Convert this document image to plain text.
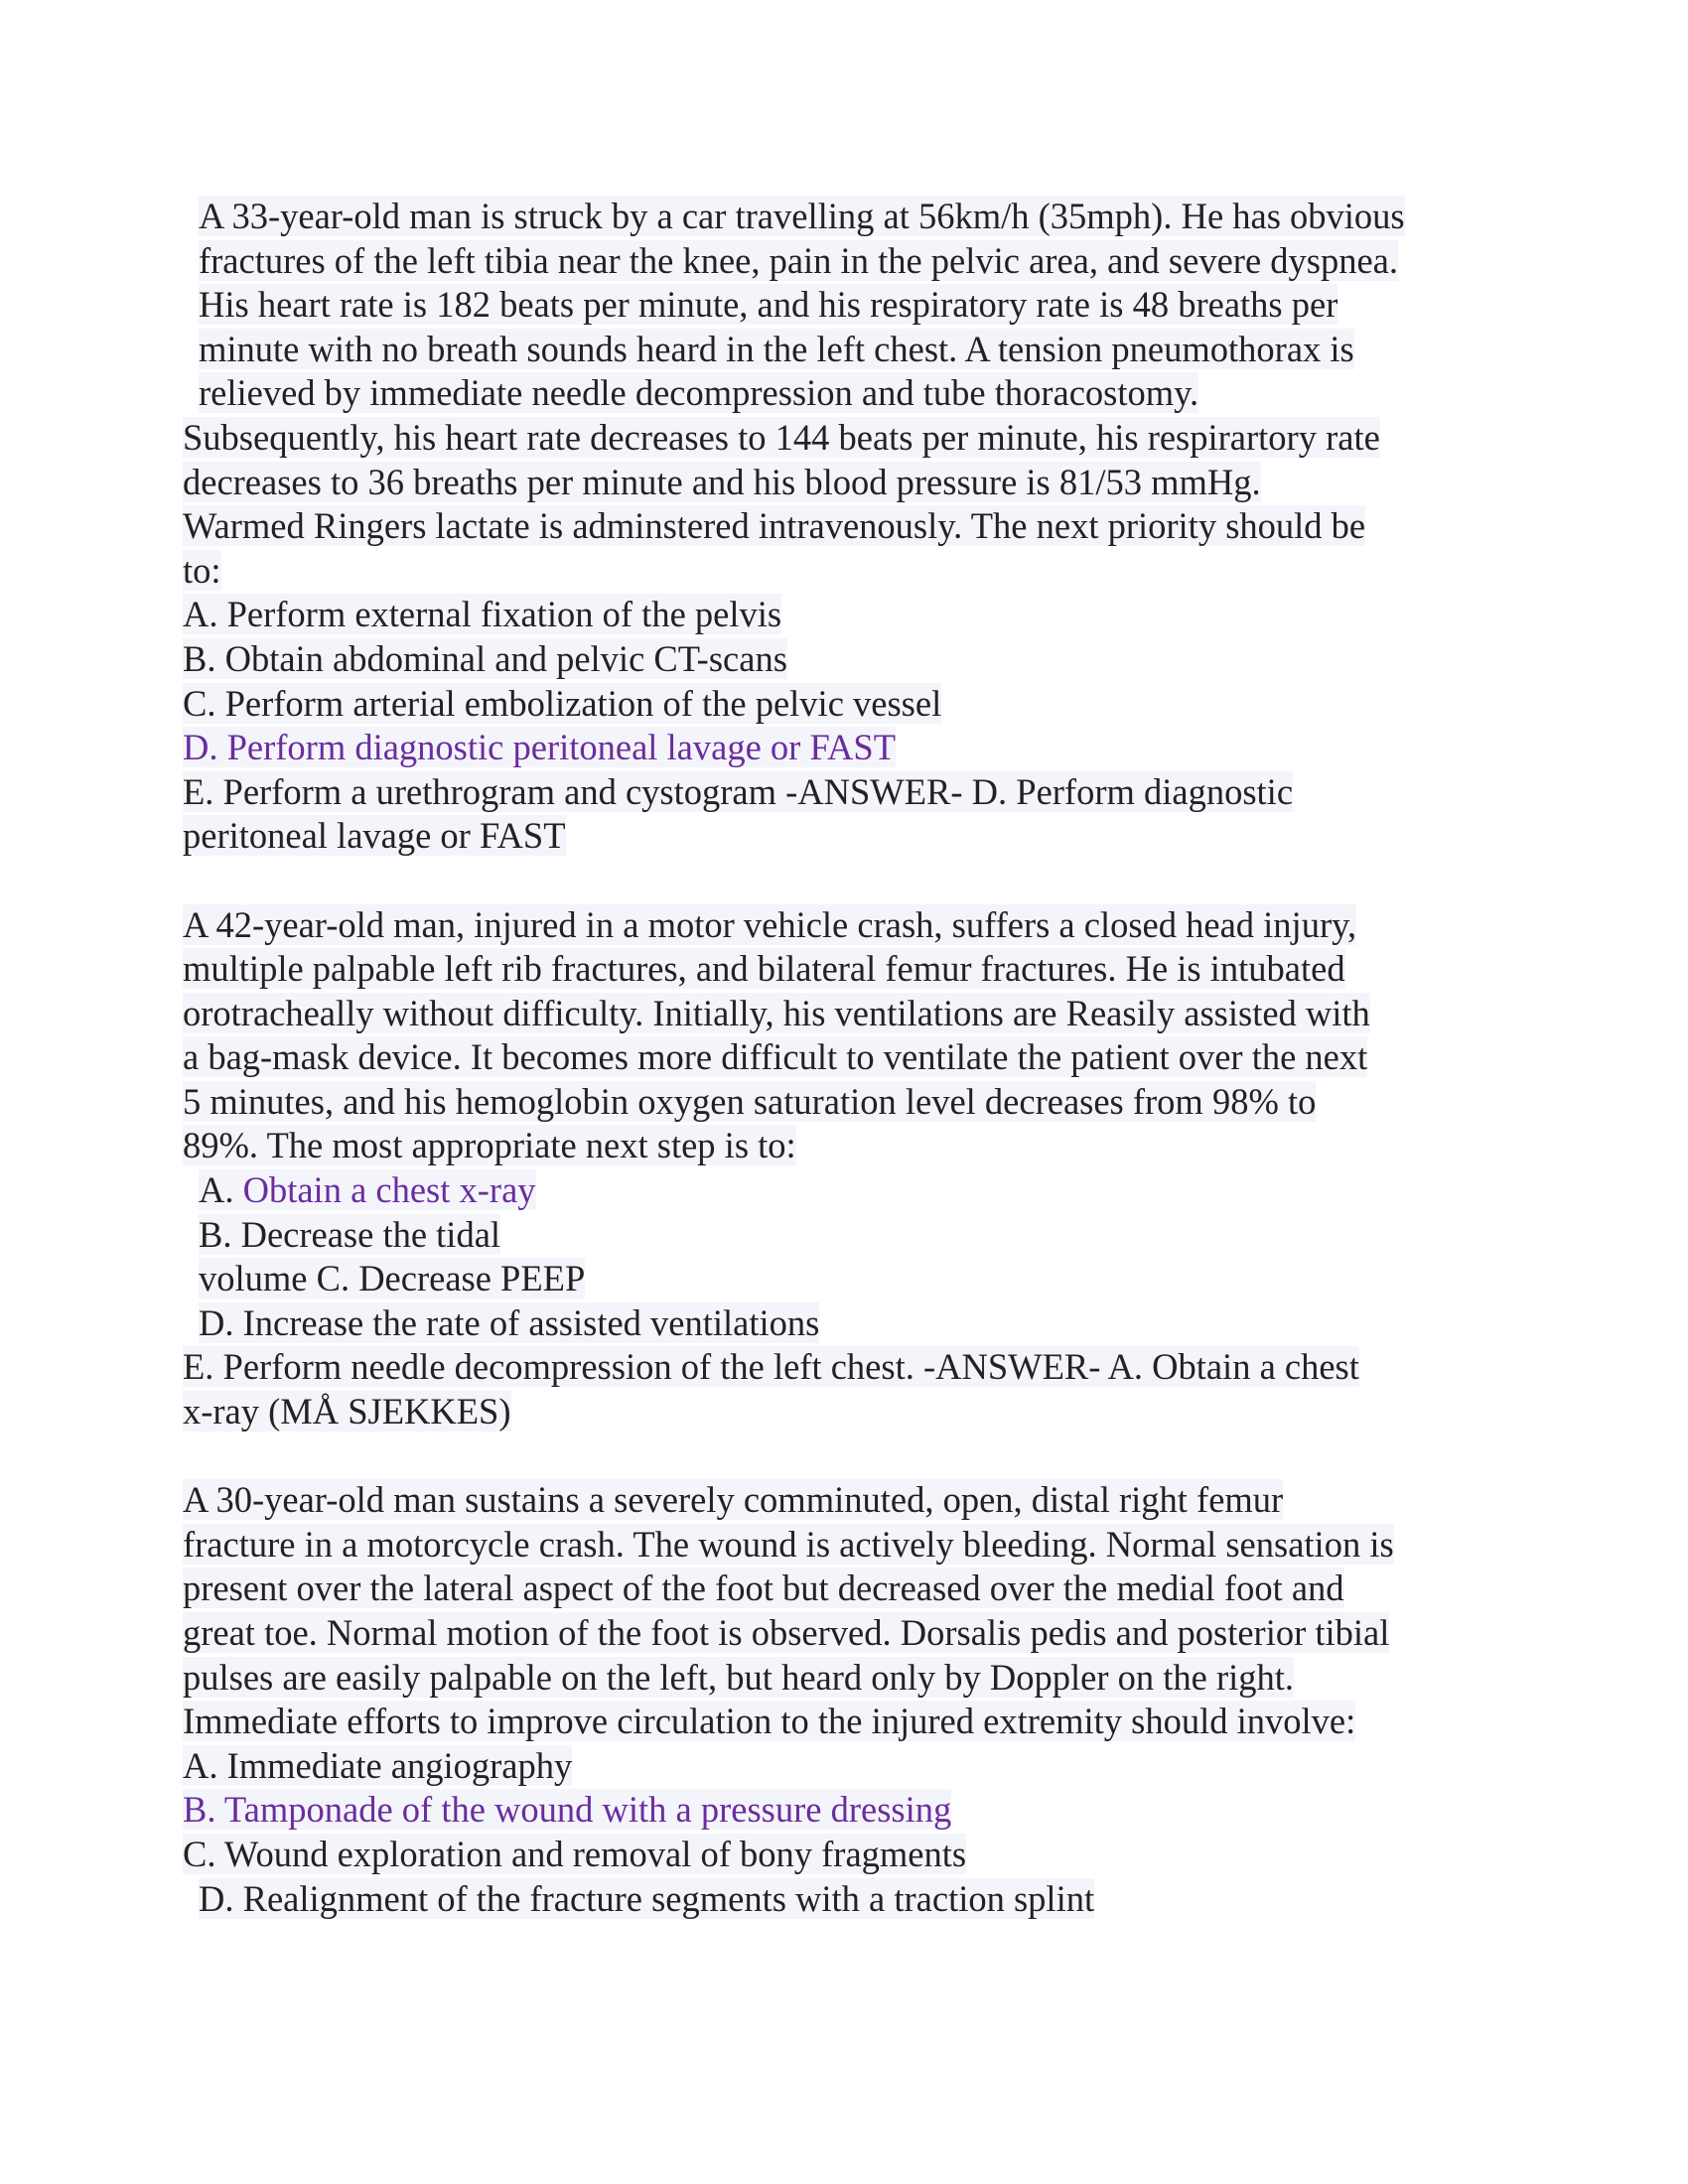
A 33-year-old man is struck by a car travelling at 56km/h (35mph). He has obvious
fractures of the left tibia near the knee, pain in the pelvic area, and severe dyspnea.
His heart rate is 182 beats per minute, and his respiratory rate is 48 breaths per
minute with no breath sounds heard in the left chest. A tension pneumothorax is
relieved by immediate needle decompression and tube thoracostomy.
Subsequently, his heart rate decreases to 144 beats per minute, his respirartory rate
decreases to 36 breaths per minute and his blood pressure is 81/53 mmHg.
Warmed Ringers lactate is adminstered intravenously. The next priority should be
to:
A. Perform external fixation of the pelvis
B. Obtain abdominal and pelvic CT-scans
C. Perform arterial embolization of the pelvic vessel
D. Perform diagnostic peritoneal lavage or FAST
E. Perform a urethrogram and cystogram -ANSWER- D. Perform diagnostic
peritoneal lavage or FAST
A 42-year-old man, injured in a motor vehicle crash, suffers a closed head injury,
multiple palpable left rib fractures, and bilateral femur fractures. He is intubated
orotracheally without difficulty. Initially, his ventilations are Reasily assisted with
a bag-mask device. It becomes more difficult to ventilate the patient over the next
5 minutes, and his hemoglobin oxygen saturation level decreases from 98% to
89%. The most appropriate next step is to:
A. Obtain a chest x-ray
B. Decrease the tidal
volume C. Decrease PEEP
D. Increase the rate of assisted ventilations
E. Perform needle decompression of the left chest. -ANSWER- A. Obtain a chest
x-ray (MÅ SJEKKES)
A 30-year-old man sustains a severely comminuted, open, distal right femur
fracture in a motorcycle crash. The wound is actively bleeding. Normal sensation is
present over the lateral aspect of the foot but decreased over the medial foot and
great toe. Normal motion of the foot is observed. Dorsalis pedis and posterior tibial
pulses are easily palpable on the left, but heard only by Doppler on the right.
Immediate efforts to improve circulation to the injured extremity should involve:
A. Immediate angiography
B. Tamponade of the wound with a pressure dressing
C. Wound exploration and removal of bony fragments
D. Realignment of the fracture segments with a traction splint
